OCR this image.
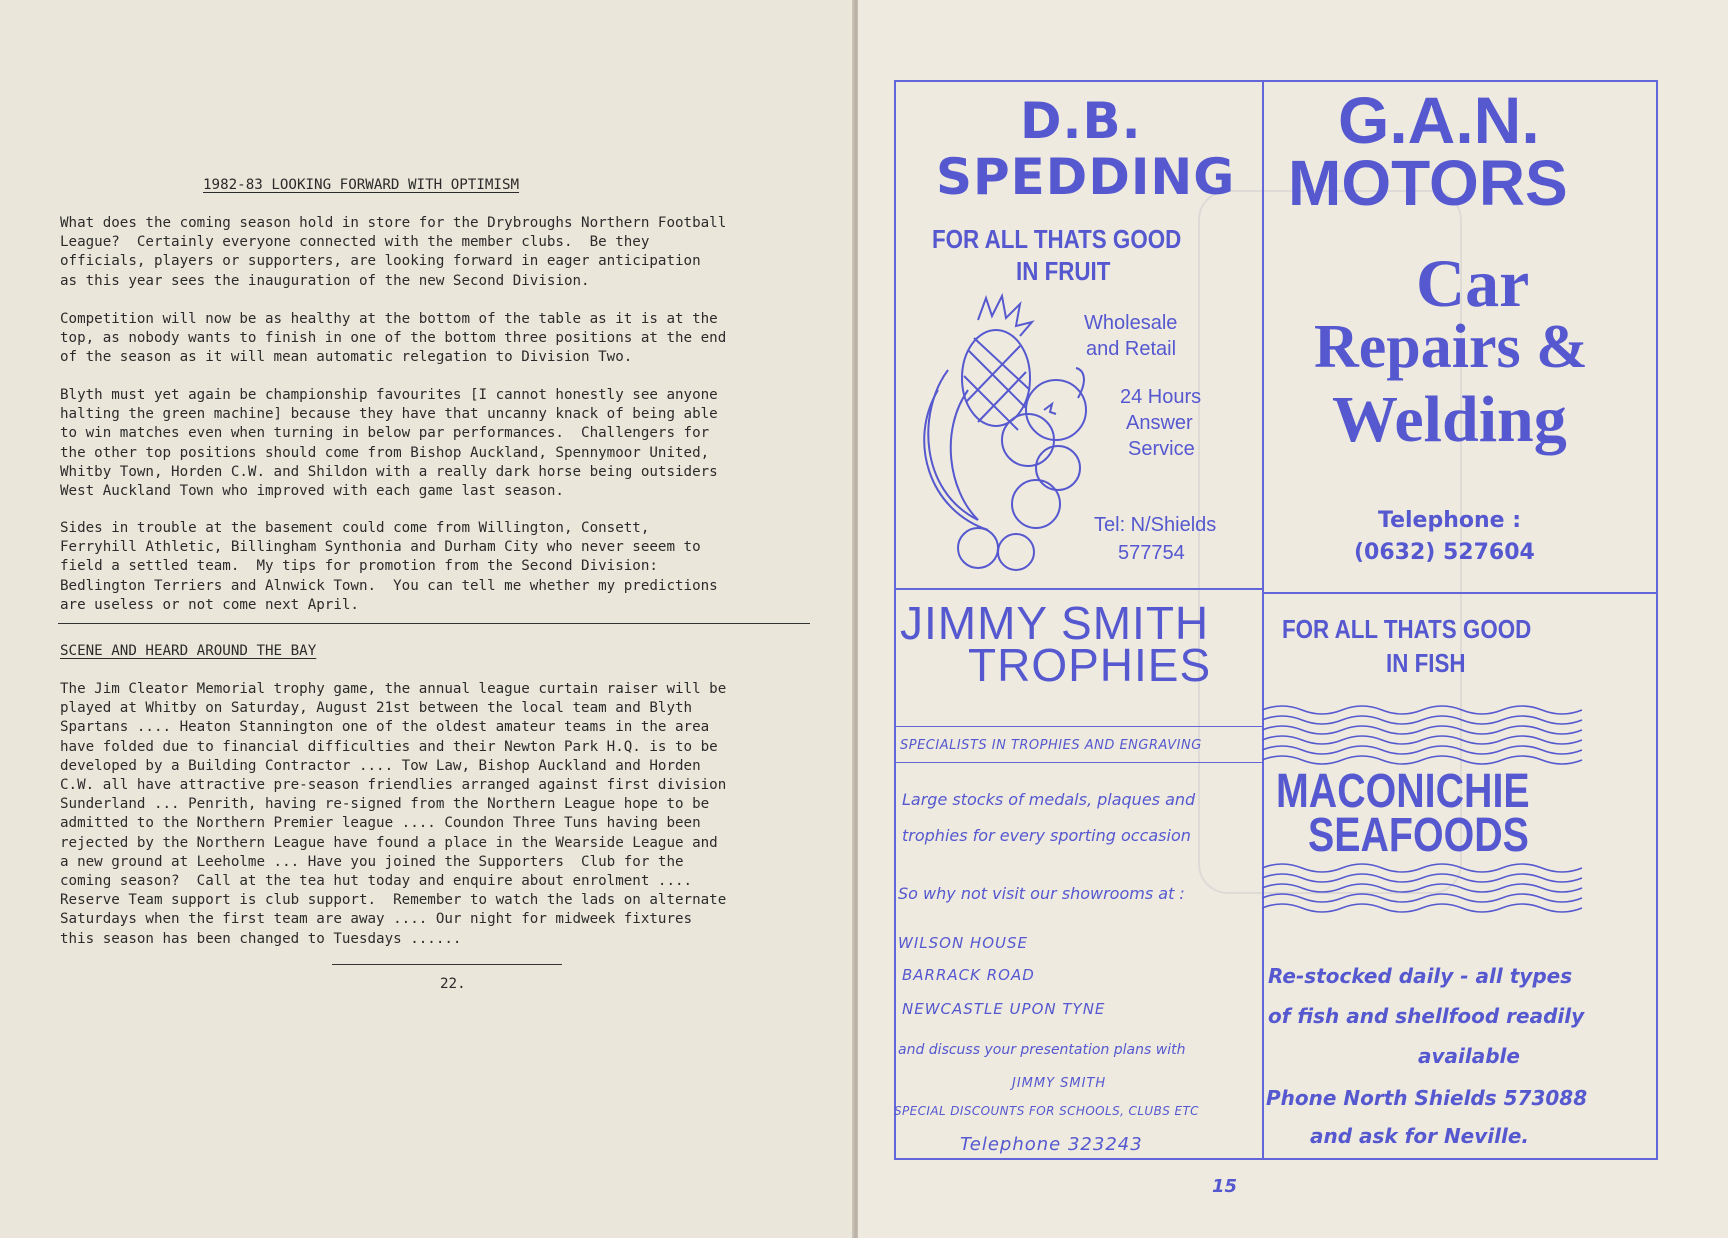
1982-83 LOOKING FORWARD WITH OPTIMISM

What does the coming season hold in store for the Drybroughs Northern Football
League?  Certainly everyone connected with the member clubs.  Be they
officials, players or supporters, are looking forward in eager anticipation
as this year sees the inauguration of the new Second Division.

Competition will now be as healthy at the bottom of the table as it is at the
top, as nobody wants to finish in one of the bottom three positions at the end
of the season as it will mean automatic relegation to Division Two.

Blyth must yet again be championship favourites [I cannot honestly see anyone
halting the green machine] because they have that uncanny knack of being able
to win matches even when turning in below par performances.  Challengers for
the other top positions should come from Bishop Auckland, Spennymoor United,
Whitby Town, Horden C.W. and Shildon with a really dark horse being outsiders
West Auckland Town who improved with each game last season.

Sides in trouble at the basement could come from Willington, Consett,
Ferryhill Athletic, Billingham Synthonia and Durham City who never seeem to
field a settled team.  My tips for promotion from the Second Division:
Bedlington Terriers and Alnwick Town.  You can tell me whether my predictions
are useless or not come next April.

SCENE AND HEARD AROUND THE BAY

The Jim Cleator Memorial trophy game, the annual league curtain raiser will be
played at Whitby on Saturday, August 21st between the local team and Blyth
Spartans .... Heaton Stannington one of the oldest amateur teams in the area
have folded due to financial difficulties and their Newton Park H.Q. is to be
developed by a Building Contractor .... Tow Law, Bishop Auckland and Horden
C.W. all have attractive pre-season friendlies arranged against first division
Sunderland ... Penrith, having re-signed from the Northern League hope to be
admitted to the Northern Premier league .... Coundon Three Tuns having been
rejected by the Northern League have found a place in the Wearside League and
a new ground at Leeholme ... Have you joined the Supporters  Club for the
coming season?  Call at the tea hut today and enquire about enrolment ....
Reserve Team support is club support.  Remember to watch the lads on alternate
Saturdays when the first team are away .... Our night for midweek fixtures
this season has been changed to Tuesdays ......

22.
D.B.
SPEDDING
FOR ALL THATS GOOD
IN FRUIT
Wholesale
and Retail
24 Hours
Answer
Service
Tel: N/Shields
577754
G.A.N.
MOTORS
Car
Repairs &
Welding
Telephone :
(0632) 527604
JIMMY SMITH
TROPHIES
SPECIALISTS IN TROPHIES AND ENGRAVING
Large stocks of medals, plaques and
trophies for every sporting occasion
So why not visit our showrooms at :
WILSON HOUSE
BARRACK ROAD
NEWCASTLE UPON TYNE
and discuss your presentation plans with
JIMMY SMITH
SPECIAL DISCOUNTS FOR SCHOOLS, CLUBS ETC
Telephone 323243
FOR ALL THATS GOOD
IN FISH
MACONICHIE
SEAFOODS
Re-stocked daily - all types
of fish and shellfood readily
available
Phone North Shields 573088
and ask for Neville.
15
